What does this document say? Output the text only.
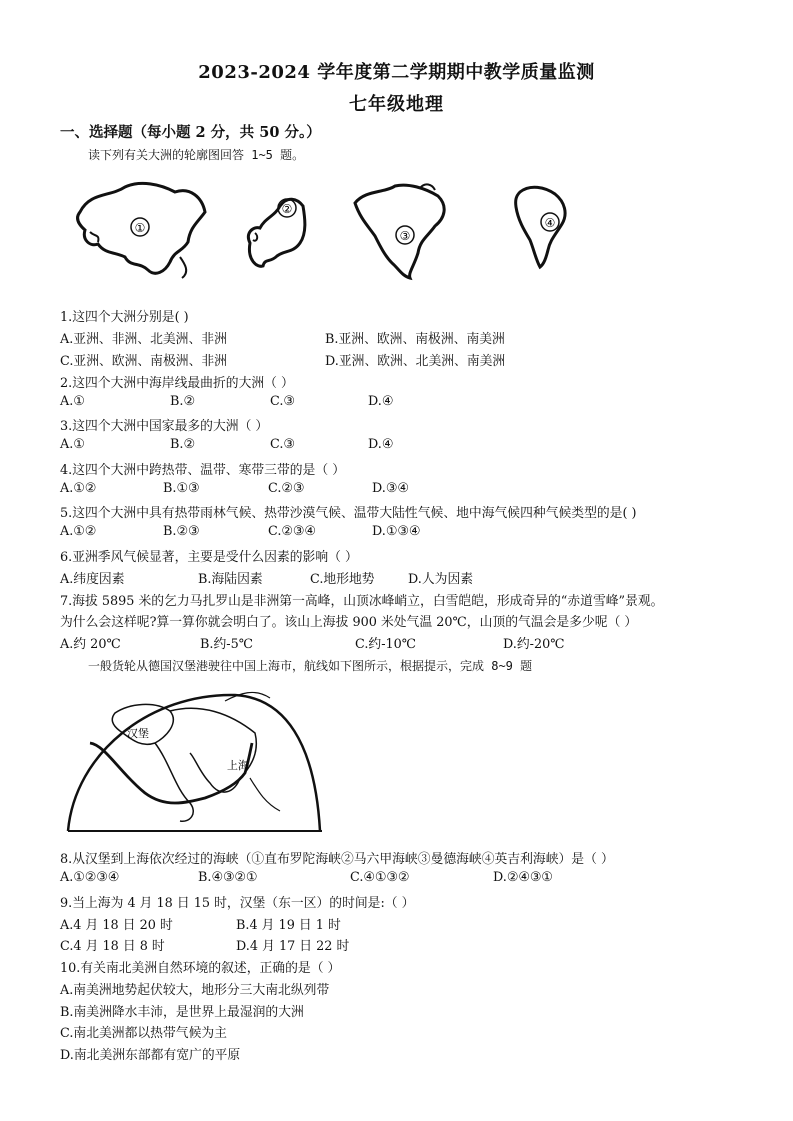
2023-2024 学年度第二学期期中教学质量监测
七年级地理
一、选择题（每小题 2 分，共 50 分。）
读下列有关大洲的轮廓图回答 1~5 题。
①
②
③
④
1.这四个大洲分别是( )
A.亚洲、非洲、北美洲、非洲	B.亚洲、欧洲、南极洲、南美洲
C.亚洲、欧洲、南极洲、非洲	D.亚洲、欧洲、北美洲、南美洲
2.这四个大洲中海岸线最曲折的大洲（ ）
A.①	B.②	C.③	D.④
3.这四个大洲中国家最多的大洲（ ）
A.①	B.②	C.③	D.④
4.这四个大洲中跨热带、温带、寒带三带的是（ ）
A.①②	B.①③	C.②③	D.③④
5.这四个大洲中具有热带雨林气候、热带沙漠气候、温带大陆性气候、地中海气候四种气候类型的是( )
A.①②	B.②③	C.②③④	D.①③④
6.亚洲季风气候显著，主要是受什么因素的影响（ ）
A.纬度因素	B.海陆因素	C.地形地势	D.人为因素
7.海拔 5895 米的乞力马扎罗山是非洲第一高峰，山顶冰峰峭立，白雪皑皑，形成奇异的“赤道雪峰”景观。
为什么会这样呢?算一算你就会明白了。该山上海拔 900 米处气温 20℃，山顶的气温会是多少呢（ ）
A.约 20℃	B.约-5℃	C.约-10℃	D.约-20℃
一般货轮从德国汉堡港驶往中国上海市，航线如下图所示，根据提示，完成 8~9 题
汉堡
上海
8.从汉堡到上海依次经过的海峡（①直布罗陀海峡②马六甲海峡③曼德海峡④英吉利海峡）是（ ）
A.①②③④	B.④③②①	C.④①③②	D.②④③①
9.当上海为 4 月 18 日 15 时，汉堡（东一区）的时间是:（ ）
A.4 月 18 日 20 时	B.4 月 19 日 1 时
C.4 月 18 日 8 时	D.4 月 17 日 22 时
10.有关南北美洲自然环境的叙述，正确的是（ ）
A.南美洲地势起伏较大，地形分三大南北纵列带
B.南美洲降水丰沛，是世界上最湿润的大洲
C.南北美洲都以热带气候为主
D.南北美洲东部都有宽广的平原
